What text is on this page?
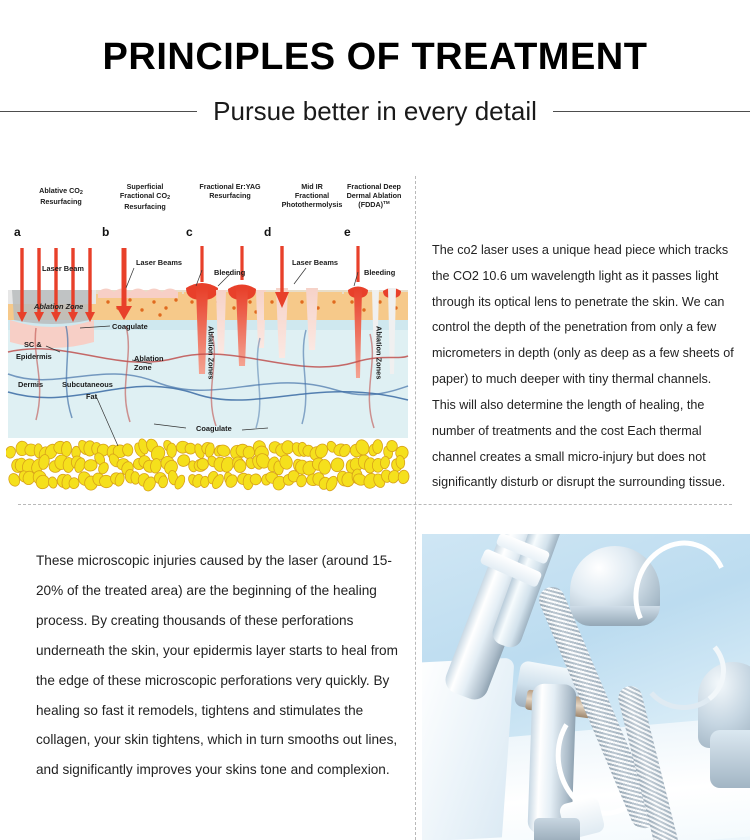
PRINCIPLES OF TREATMENT
Pursue better in every detail
Ablative $CO_2$
Resurfacing
Superficial
Fractional $CO_2$
Resurfacing
Fractional Er:YAG
Resurfacing
Mid IR
Fractional
Photothermolysis
Fractional Deep
Dermal Ablation
(FDDA)™
a	b	c	d	e
Laser Beam
Laser Beams
Bleeding
Laser Beams
Bleeding
Ablation Zone
Coagulate
Ablation Zone	Ablation Zones	Ablation Zones
Coagulate
SC &
Epidermis
Dermis	Subcutaneous
Fat

The co2 laser uses a unique head piece which tracks the CO2 10.6 um wavelength light as it passes light through its optical lens to penetrate the skin. We can control the depth of the penetration from only a few micrometers in depth (only as deep as a few sheets of paper) to much deeper with tiny thermal channels. This will also determine the length of healing, the number of treatments and the cost Each thermal channel creates a small micro-injury but does not significantly disturb or disrupt the surrounding tissue.

These microscopic injuries caused by the laser (around 15-20% of the treated area) are the beginning of the healing process. By creating thousands of these perforations underneath the skin, your epidermis layer starts to heal from the edge of these microscopic perforations very quickly. By healing so fast it remodels, tightens and stimulates the collagen, your skin tightens, which in turn smooths out lines, and significantly improves your skins tone and complexion.
